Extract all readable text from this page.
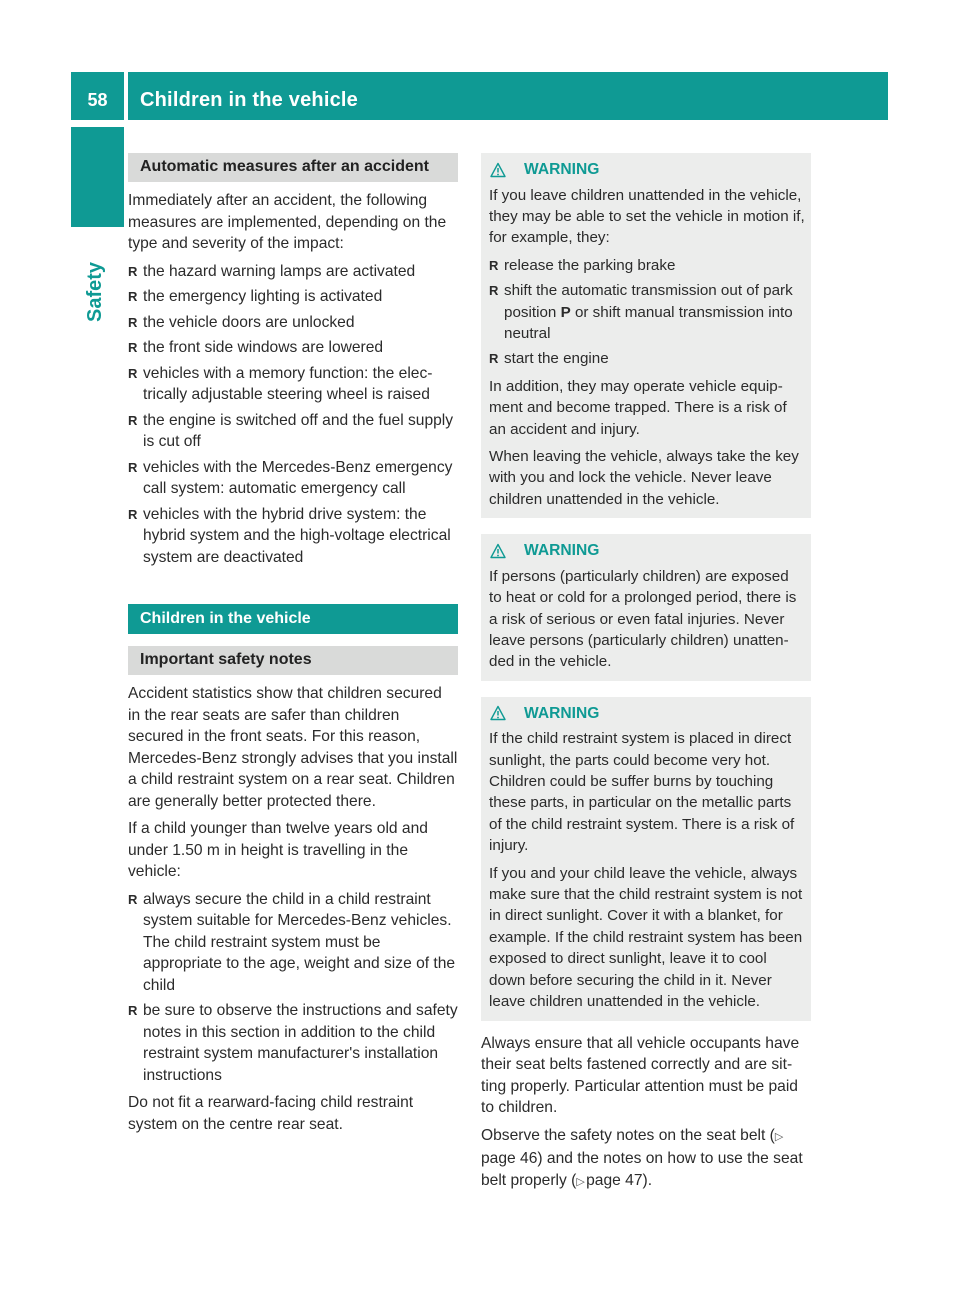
58	Children in the vehicle
Safety
Automatic measures after an accident

Immediately after an accident, the following measures are implemented, depending on the type and severity of the impact:

R the hazard warning lamps are activated
R the emergency lighting is activated
R the vehicle doors are unlocked
R the front side windows are lowered
R vehicles with a memory function: the electrically adjustable steering wheel is raised
R the engine is switched off and the fuel supply is cut off
R vehicles with the Mercedes-Benz emergency call system: automatic emergency call
R vehicles with the hybrid drive system: the hybrid system and the high-voltage electrical system are deactivated
Children in the vehicle
Important safety notes

Accident statistics show that children secured in the rear seats are safer than children secured in the front seats. For this reason, Mercedes-Benz strongly advises that you install a child restraint system on a rear seat. Children are generally better protected there.

If a child younger than twelve years old and under 1.50 m in height is travelling in the vehicle:

R always secure the child in a child restraint system suitable for Mercedes-Benz vehicles. The child restraint system must be appropriate to the age, weight and size of the child
R be sure to observe the instructions and safety notes in this section in addition to the child restraint system manufacturer's installation instructions

Do not fit a rearward-facing child restraint system on the centre rear seat.

WARNING

If you leave children unattended in the vehicle, they may be able to set the vehicle in motion if, for example, they:

R release the parking brake
R shift the automatic transmission out of park position P or shift manual transmission into neutral
R start the engine

In addition, they may operate vehicle equipment and become trapped. There is a risk of an accident and injury.

When leaving the vehicle, always take the key with you and lock the vehicle. Never leave children unattended in the vehicle.

WARNING

If persons (particularly children) are exposed to heat or cold for a prolonged period, there is a risk of serious or even fatal injuries. Never leave persons (particularly children) unattended in the vehicle.

WARNING

If the child restraint system is placed in direct sunlight, the parts could become very hot. Children could be suffer burns by touching these parts, in particular on the metallic parts of the child restraint system. There is a risk of injury.

If you and your child leave the vehicle, always make sure that the child restraint system is not in direct sunlight. Cover it with a blanket, for example. If the child restraint system has been exposed to direct sunlight, leave it to cool down before securing the child in it. Never leave children unattended in the vehicle.

Always ensure that all vehicle occupants have their seat belts fastened correctly and are sitting properly. Particular attention must be paid to children.

Observe the safety notes on the seat belt (▷ page 46) and the notes on how to use the seat belt properly (▷ page 47).
